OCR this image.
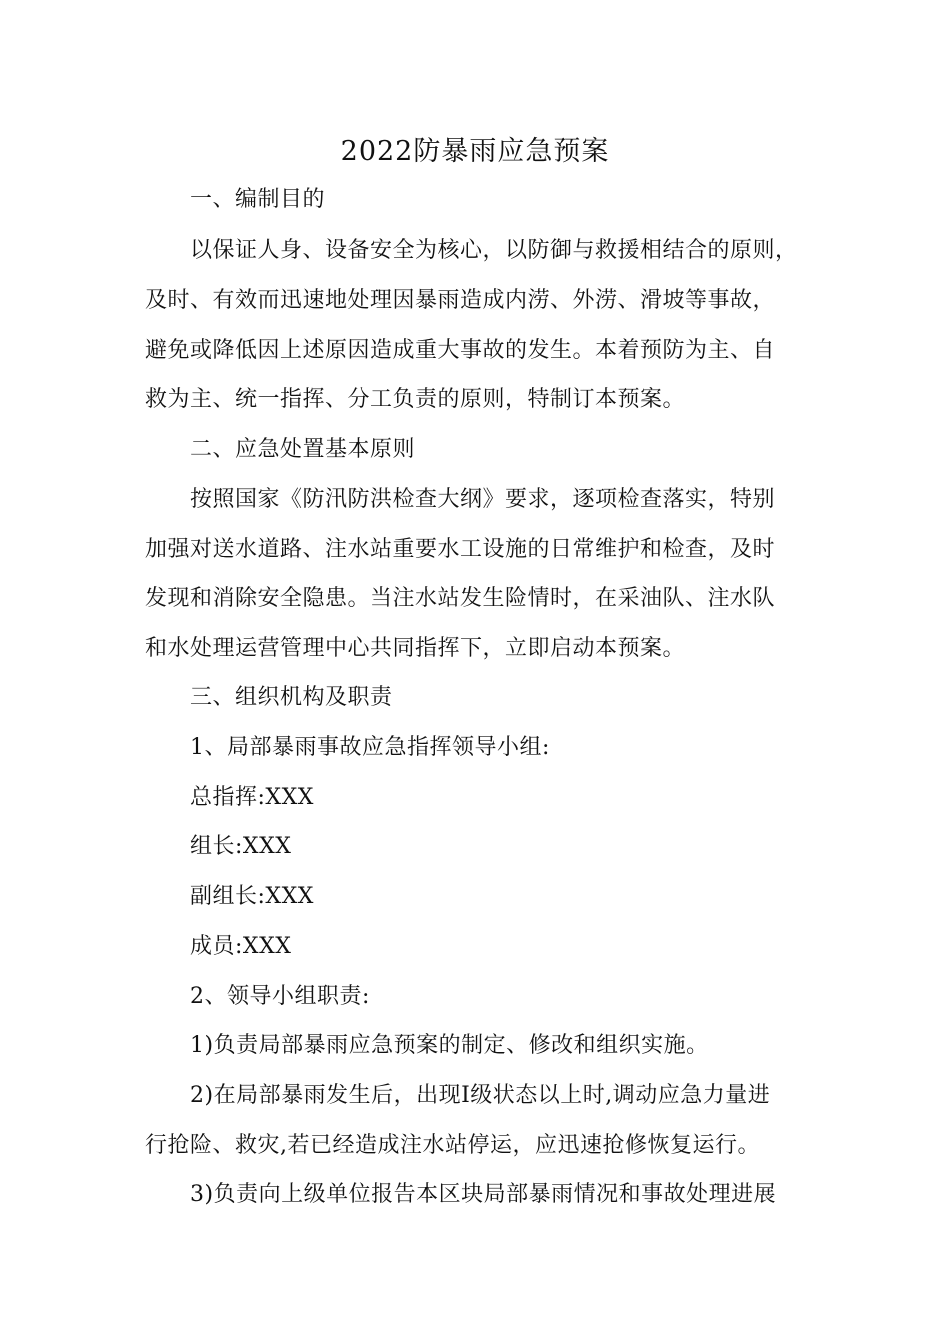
2022防暴雨应急预案
一、编制目的
以保证人身、设备安全为核心，以防御与救援相结合的原则，
及时、有效而迅速地处理因暴雨造成内涝、外涝、滑坡等事故，
避免或降低因上述原因造成重大事故的发生。本着预防为主、自
救为主、统一指挥、分工负责的原则，特制订本预案。
二、应急处置基本原则
按照国家《防汛防洪检查大纲》要求，逐项检查落实，特别
加强对送水道路、注水站重要水工设施的日常维护和检查，及时
发现和消除安全隐患。当注水站发生险情时，在采油队、注水队
和水处理运营管理中心共同指挥下，立即启动本预案。
三、组织机构及职责
1、局部暴雨事故应急指挥领导小组:
总指挥:XXX
组长:XXX
副组长:XXX
成员:XXX
2、领导小组职责:
1)负责局部暴雨应急预案的制定、修改和组织实施。
2)在局部暴雨发生后，出现Ⅰ级状态以上时,调动应急力量进
行抢险、救灾,若已经造成注水站停运，应迅速抢修恢复运行。
3)负责向上级单位报告本区块局部暴雨情况和事故处理进展
